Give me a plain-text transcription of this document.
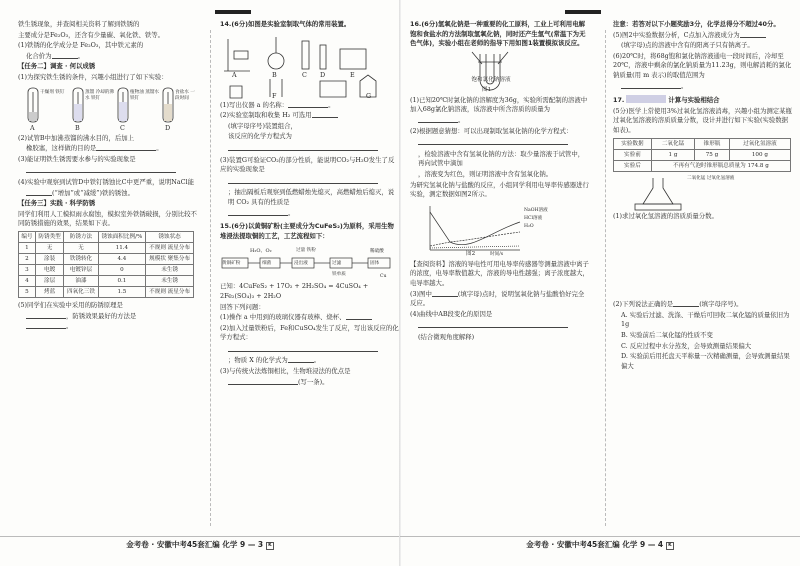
铁生锈现象，并查阅相关资料了解到铁锈的

主要成分是Fe₂O₃，还含有少量碳、氧化铁、铁等。

(1)铁锈的化学成分是 Fe₂O₃，其中铁元素的

化合价为	。

【任务二】调查 · 何以成锈

(1)为探究铁生锈的条件，兴趣小组进行了如下实验：

A	B	C	D
干燥剂 铁钉	蒸馏 冷却的沸水 铁钉
植物油 蒸馏水 铁钉
食盐水 一段时间

(2)试管B中加沸蒸馏的沸水目的，后加上

橡胶塞，这样做的目的是	。

(3)能证明铁生锈需要水参与的实验现象是

(4)实验中观察到试管D中铁钉锈蚀比C中更严重，说明NaCl能

(“增加”或“减缓”)铁的锈蚀。

【任务三】实践 · 科学防锈

同学们利用人工模拟雨水腐蚀，模拟室外铁锈破损，分别比较不同防锈措施的效果，结果如下表。

编号	防锈类型	防锈方法	锈蚀面积比例/%	锈蚀状态
1	无	无	11.4	不规则 流星分布
2	涂装	铁锈转化	4.4	规模状 聚集分布
3	电镀	电镀锌层	0	未生锈
4	涂层	油漆	0.1	未生锈
5	烤蓝	四氧化三铁	1.5	不规则 流星分布

(5)同学们在实验中采用的防锈原理是

，防锈效果最好的方法是

。

14.(6分)如图是实验室制取气体的常用装置。

A	B	C D	E
F	G

(1)写出仪器 a 的名称：	。

(2)实验室制取和收集 H₂ 可选用

(填字母序号)装置组合，

该反应的化学方程式为

(3)装置G可验证CO₂的部分性质，能说明CO₂与H₂O发生了反应的实验现象是

；抽出隔板后观察到低燃蜡烛先熄灭，高燃蜡烛后熄灭，说明 CO₂ 具有的性质是

。

15.(6分)以黄铜矿粉(主要成分为CuFeS₂)为原料，采用生物堆浸法提取铜的工艺，工艺流程如下：

H₂O、O₂
黄铜矿粉	细菌	浸出液
过量 铁粉
过滤
铁单质
固体
稀硫酸
Cu

已知：4CuFeS₂ + 17O₂ + 2H₂SO₄ = 4CuSO₄ + 2Fe₂(SO₄)₃ + 2H₂O

回答下列问题：

(1)操作 a 中用到的玻璃仪器有玻棒、烧杯、

(2)加入过量铁粉后，Fe和CuSO₄发生了反应，写出该反应的化学方程式：

；物质 X 的化学式为	。

(3)与传统火法炼铜相比，生物堆浸法的优点是

(写一条)。

金考卷 · 安徽中考45套汇编 化学 9 — 3 K

16.(6分)氢氧化钠是一种重要的化工原料，工业上可利用电解饱和食盐水的方法制取氢氧化钠，同时还产生氢气(常温下为无色气体)，实验小组在老师的指导下用如图1装置模拟该反应。

饱和氯化钠溶液
图1

(1)已知20℃时氯化钠的溶解度为36g，实验所需配制的溶液中加入68g氯化钠溶液，该溶液中所含溶质的质量为

。

(2)根据题意猜想：可以出现制取氢氧化钠的化学方程式：

，检验溶液中含有氢氧化钠的方法：取少量溶液于试管中，再向试管中滴加

，溶液变为红色，则证明溶液中含有氢氧化钠。

为研究氢氧化钠与盐酸的反应，小组同学利用电导率传感器进行实验，测定数据如图2所示。

NaOH溶液
HCl溶液
H₂O
时间/s
图2

【查阅资料】溶液的导电性可用电导率传感器等测量溶液中离子的浓度，电导率数值越大，溶液的导电性越强；离子浓度越大，电导率越大。

(3)图中	(填字母)点时，说明氢氧化钠与盐酸恰好完全反应。

(4)曲线中AB段变化的原因是

(结合微观角度解释)

注意：若答对以下小题奖励3分，化学总得分不超过40分。

(5)图2中实验数据分析，C点加入溶液成分为

(填字母)点的溶液中含有的阳离子只有钠离子。

(6)20℃时，将68g饱和氯化钠溶液通电一段时间后，冷却至20℃，溶液中剩余的氯化钠质量为11.23g，则电解消耗的氯化钠质量(用 m 表示)的取值范围为

。

17.	计算与实验相结合

(5分)医学上常使用3%过氧化氢溶液消毒，兴趣小组为测定某瓶过氧化氢溶液的溶质质量分数，设计并进行如下实验(实验数据如表)。

实验数据	二氧化锰	锥形瓶	过氧化氢溶液
实验前	1 g	75 g	100 g
实验后	不再有气泡时锥形瓶总质量为 174.8 g		
二氧化锰 过氧化氢溶液

(1)求过氧化氢溶液的溶质质量分数。

(2)下列说法正确的是	(填字母序号)。

A. 实验后过滤、洗涤、干燥后可回收二氧化锰的质量依旧为1g

B. 实验前后二氧化锰的性质不变

C. 反应过程中水分蒸发，会导致测量结果偏大

D. 实验前后用托盘天平称量一次精确测量，会导致测量结果偏大

金考卷 · 安徽中考45套汇编 化学 9 — 4 K
